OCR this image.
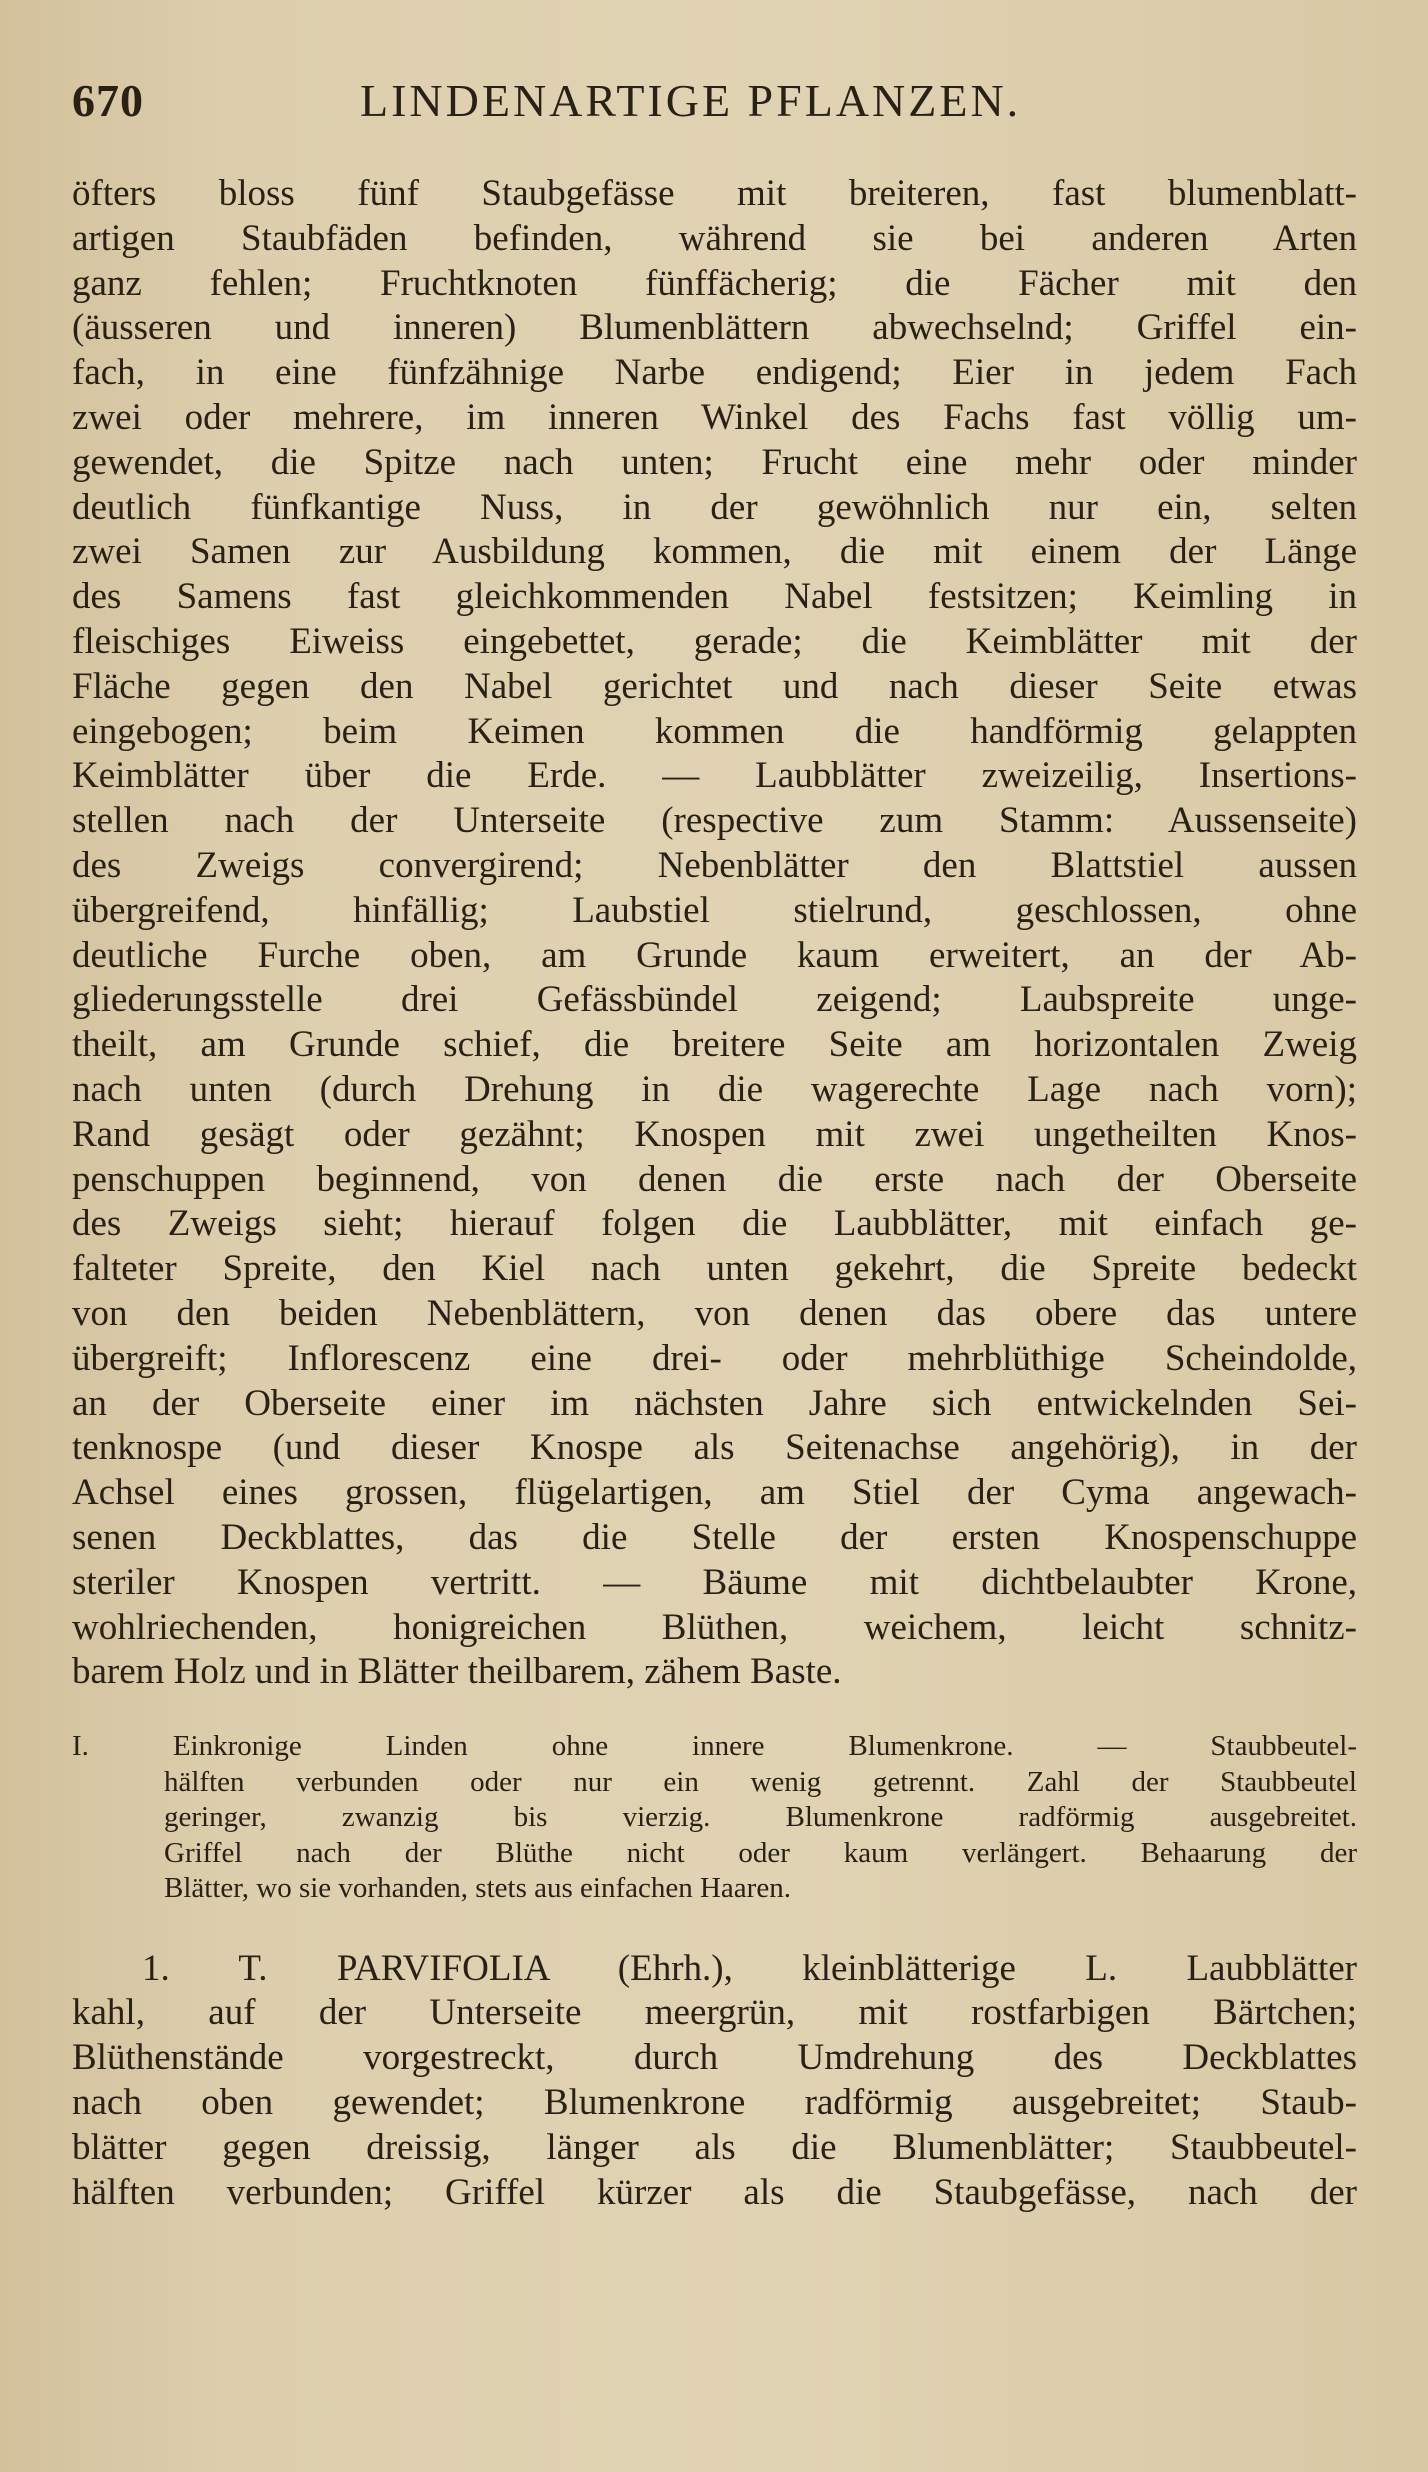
670	LINDENARTIGE PFLANZEN.
öfters bloss fünf Staubgefässe mit breiteren, fast blumenblatt-
artigen Staubfäden befinden, während sie bei anderen Arten
ganz fehlen; Fruchtknoten fünffächerig; die Fächer mit den
(äusseren und inneren) Blumenblättern abwechselnd; Griffel ein-
fach, in eine fünfzähnige Narbe endigend; Eier in jedem Fach
zwei oder mehrere, im inneren Winkel des Fachs fast völlig um-
gewendet, die Spitze nach unten; Frucht eine mehr oder minder
deutlich fünfkantige Nuss, in der gewöhnlich nur ein, selten
zwei Samen zur Ausbildung kommen, die mit einem der Länge
des Samens fast gleichkommenden Nabel festsitzen; Keimling in
fleischiges Eiweiss eingebettet, gerade; die Keimblätter mit der
Fläche gegen den Nabel gerichtet und nach dieser Seite etwas
eingebogen; beim Keimen kommen die handförmig gelappten
Keimblätter über die Erde. — Laubblätter zweizeilig, Insertions-
stellen nach der Unterseite (respective zum Stamm: Aussenseite)
des Zweigs convergirend; Nebenblätter den Blattstiel aussen
übergreifend, hinfällig; Laubstiel stielrund, geschlossen, ohne
deutliche Furche oben, am Grunde kaum erweitert, an der Ab-
gliederungsstelle drei Gefässbündel zeigend; Laubspreite unge-
theilt, am Grunde schief, die breitere Seite am horizontalen Zweig
nach unten (durch Drehung in die wagerechte Lage nach vorn);
Rand gesägt oder gezähnt; Knospen mit zwei ungetheilten Knos-
penschuppen beginnend, von denen die erste nach der Oberseite
des Zweigs sieht; hierauf folgen die Laubblätter, mit einfach ge-
falteter Spreite, den Kiel nach unten gekehrt, die Spreite bedeckt
von den beiden Nebenblättern, von denen das obere das untere
übergreift; Inflorescenz eine drei- oder mehrblüthige Scheindolde,
an der Oberseite einer im nächsten Jahre sich entwickelnden Sei-
tenknospe (und dieser Knospe als Seitenachse angehörig), in der
Achsel eines grossen, flügelartigen, am Stiel der Cyma angewach-
senen Deckblattes, das die Stelle der ersten Knospenschuppe
steriler Knospen vertritt. — Bäume mit dichtbelaubter Krone,
wohlriechenden, honigreichen Blüthen, weichem, leicht schnitz-
barem Holz und in Blätter theilbarem, zähem Baste.
I. Einkronige Linden ohne innere Blumenkrone. — Staubbeutel-
hälften verbunden oder nur ein wenig getrennt. Zahl der Staubbeutel
geringer, zwanzig bis vierzig. Blumenkrone radförmig ausgebreitet.
Griffel nach der Blüthe nicht oder kaum verlängert. Behaarung der
Blätter, wo sie vorhanden, stets aus einfachen Haaren.
1. T. PARVIFOLIA (Ehrh.), kleinblätterige L. Laubblätter
kahl, auf der Unterseite meergrün, mit rostfarbigen Bärtchen;
Blüthenstände vorgestreckt, durch Umdrehung des Deckblattes
nach oben gewendet; Blumenkrone radförmig ausgebreitet; Staub-
blätter gegen dreissig, länger als die Blumenblätter; Staubbeutel-
hälften verbunden; Griffel kürzer als die Staubgefässe, nach der
